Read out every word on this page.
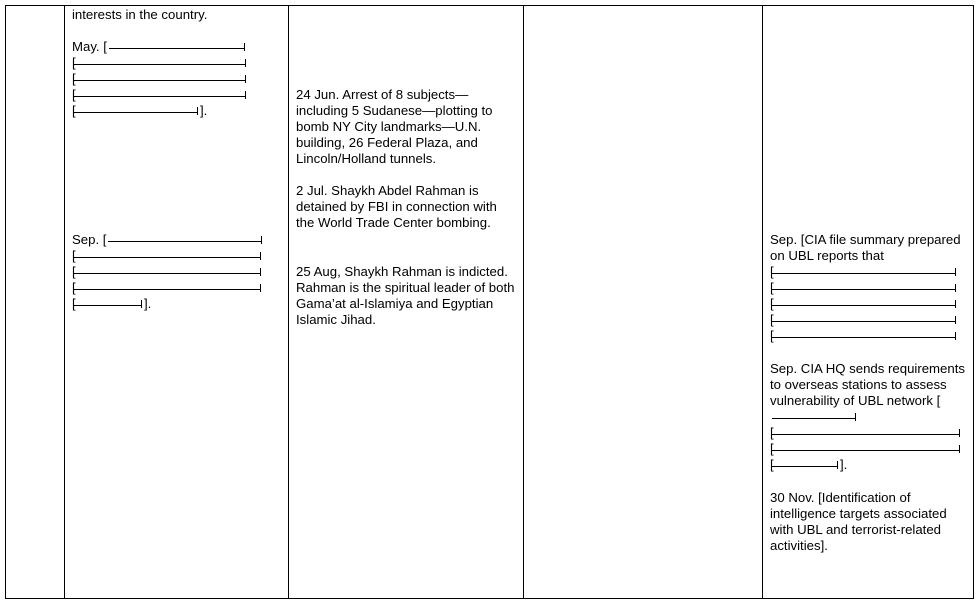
interests in the country.
May. [
[
[
[
[	].
Sep. [
[
[
[
[	].

24 Jun. Arrest of 8 subjects—including 5 Sudanese—plotting to bomb NY City landmarks—U.N. building, 26 Federal Plaza, and Lincoln/Holland tunnels.

2 Jul. Shaykh Abdel Rahman is detained by FBI in connection with the World Trade Center bombing.

25 Aug, Shaykh Rahman is indicted. Rahman is the spiritual leader of both Gama’at al-Islamiya and Egyptian Islamic Jihad.

Sep. [CIA file summary prepared on UBL reports that

[
[
[
[
[

Sep. CIA HQ sends requirements to overseas stations to assess vulnerability of UBL network [

[
[
[	].

30 Nov. [Identification of intelligence targets associated with UBL and terrorist-related activities].
